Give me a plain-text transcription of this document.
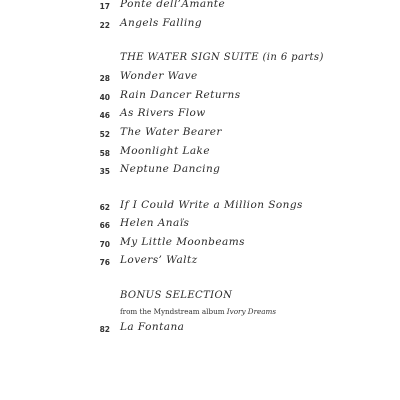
17 Ponte dell’Amante
22 Angels Falling
THE WATER SIGN SUITE (in 6 parts)
28 Wonder Wave
40 Rain Dancer Returns
46 As Rivers Flow
52 The Water Bearer
58 Moonlight Lake
35 Neptune Dancing
62 If I Could Write a Million Songs
66 Helen Anaïs
70 My Little Moonbeams
76 Lovers’ Waltz
BONUS SELECTION
from the Myndstream album Ivory Dreams
82 La Fontana
